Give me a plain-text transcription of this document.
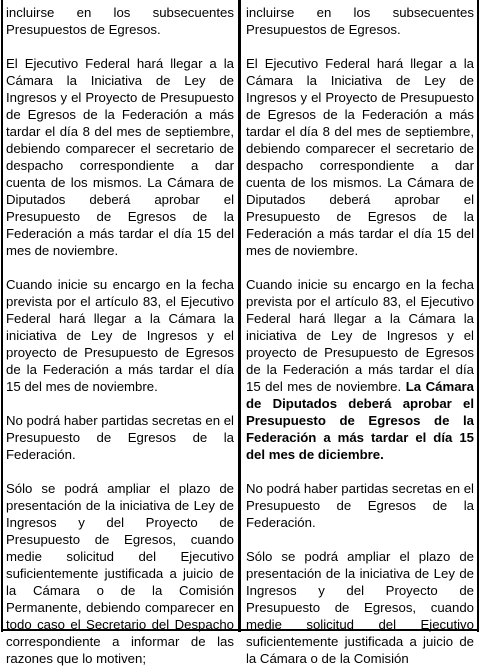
incluirse en los subsecuentes Presupuestos de Egresos.

El Ejecutivo Federal hará llegar a la Cámara la Iniciativa de Ley de Ingresos y el Proyecto de Presupuesto de Egresos de la Federación a más tardar el día 8 del mes de septiembre, debiendo comparecer el secretario de despacho correspondiente a dar cuenta de los mismos. La Cámara de Diputados deberá aprobar el Presupuesto de Egresos de la Federación a más tardar el día 15 del mes de noviembre.

Cuando inicie su encargo en la fecha prevista por el artículo 83, el Ejecutivo Federal hará llegar a la Cámara la iniciativa de Ley de Ingresos y el proyecto de Presupuesto de Egresos de la Federación a más tardar el día 15 del mes de noviembre.

No podrá haber partidas secretas en el Presupuesto de Egresos de la Federación.

Sólo se podrá ampliar el plazo de presentación de la iniciativa de Ley de Ingresos y del Proyecto de Presupuesto de Egresos, cuando medie solicitud del Ejecutivo suficientemente justificada a juicio de la Cámara o de la Comisión Permanente, debiendo comparecer en todo caso el Secretario del Despacho correspondiente a informar de las razones que lo motiven;

incluirse en los subsecuentes Presupuestos de Egresos.

El Ejecutivo Federal hará llegar a la Cámara la Iniciativa de Ley de Ingresos y el Proyecto de Presupuesto de Egresos de la Federación a más tardar el día 8 del mes de septiembre, debiendo comparecer el secretario de despacho correspondiente a dar cuenta de los mismos. La Cámara de Diputados deberá aprobar el Presupuesto de Egresos de la Federación a más tardar el día 15 del mes de noviembre.

Cuando inicie su encargo en la fecha prevista por el artículo 83, el Ejecutivo Federal hará llegar a la Cámara la iniciativa de Ley de Ingresos y el proyecto de Presupuesto de Egresos de la Federación a más tardar el día 15 del mes de noviembre. La Cámara de Diputados deberá aprobar el Presupuesto de Egresos de la Federación a más tardar el día 15 del mes de diciembre.

No podrá haber partidas secretas en el Presupuesto de Egresos de la Federación.

Sólo se podrá ampliar el plazo de presentación de la iniciativa de Ley de Ingresos y del Proyecto de Presupuesto de Egresos, cuando medie solicitud del Ejecutivo suficientemente justificada a juicio de la Cámara o de la Comisión
